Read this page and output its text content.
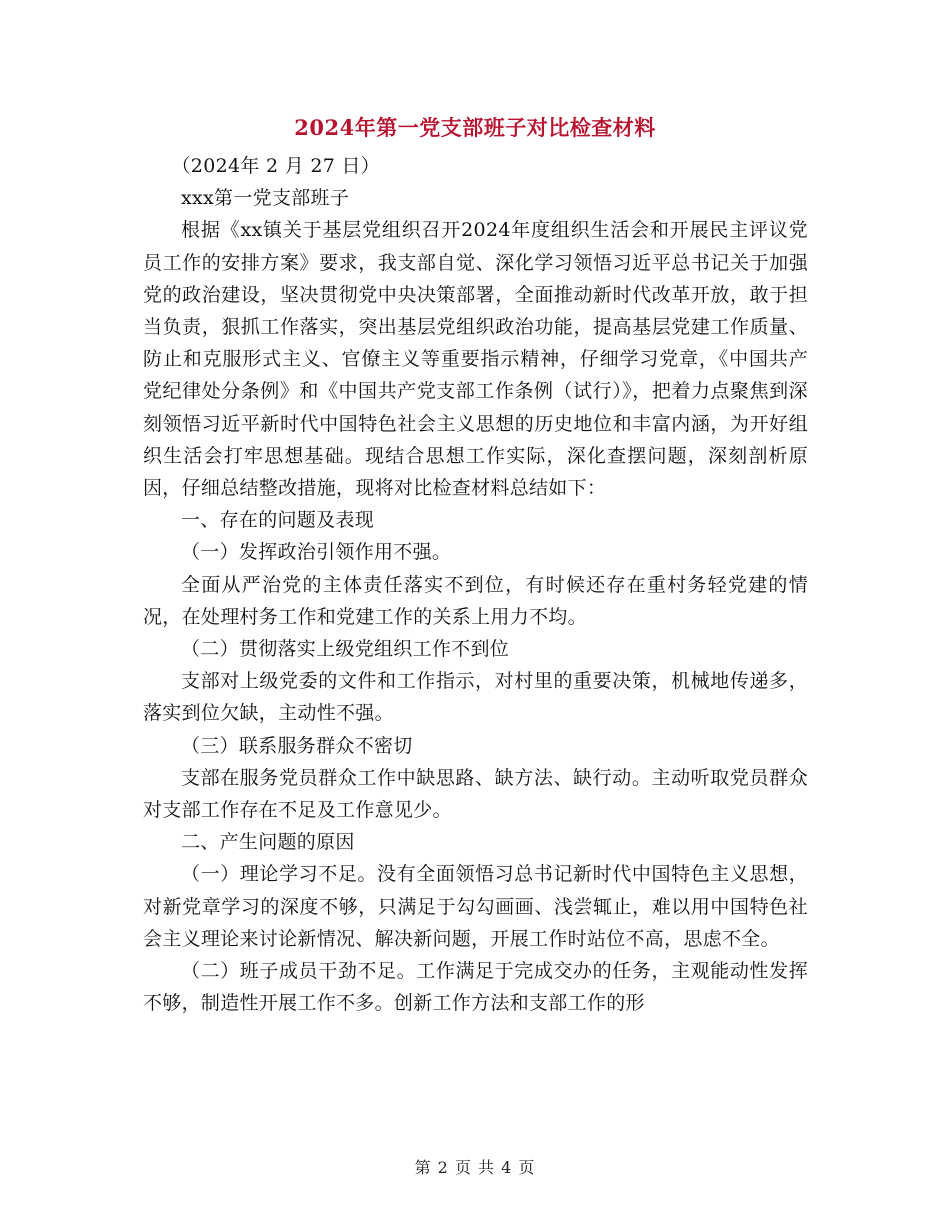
2024年第一党支部班子对比检查材料

（2024年 2 月 27 日）

xxx第一党支部班子

根据《xx镇关于基层党组织召开2024年度组织生活会和开展民主评议党员工作的安排方案》要求，我支部自觉、深化学习领悟习近平总书记关于加强党的政治建设，坚决贯彻党中央决策部署，全面推动新时代改革开放，敢于担当负责，狠抓工作落实，突出基层党组织政治功能，提高基层党建工作质量、防止和克服形式主义、官僚主义等重要指示精神，仔细学习党章，《中国共产党纪律处分条例》和《中国共产党支部工作条例（试行）》，把着力点聚焦到深刻领悟习近平新时代中国特色社会主义思想的历史地位和丰富内涵，为开好组织生活会打牢思想基础。现结合思想工作实际，深化查摆问题，深刻剖析原因，仔细总结整改措施，现将对比检查材料总结如下：

一、存在的问题及表现

（一）发挥政治引领作用不强。

全面从严治党的主体责任落实不到位，有时候还存在重村务轻党建的情况，在处理村务工作和党建工作的关系上用力不均。

（二）贯彻落实上级党组织工作不到位

支部对上级党委的文件和工作指示，对村里的重要决策，机械地传递多，落实到位欠缺，主动性不强。

（三）联系服务群众不密切

支部在服务党员群众工作中缺思路、缺方法、缺行动。主动听取党员群众对支部工作存在不足及工作意见少。

二、产生问题的原因

（一）理论学习不足。没有全面领悟习总书记新时代中国特色主义思想，对新党章学习的深度不够，只满足于勾勾画画、浅尝辄止，难以用中国特色社会主义理论来讨论新情况、解决新问题，开展工作时站位不高，思虑不全。

（二）班子成员干劲不足。工作满足于完成交办的任务，主观能动性发挥不够，制造性开展工作不多。创新工作方法和支部工作的形

第 2 页 共 4 页
